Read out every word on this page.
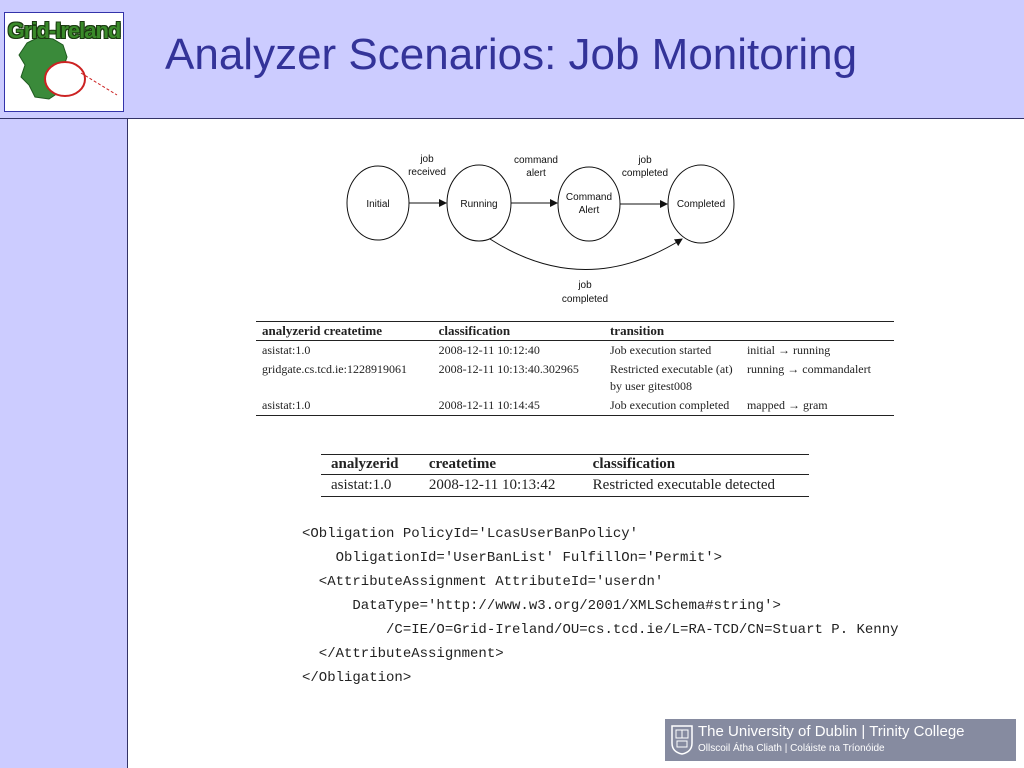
Grid-Ireland Analyzer Scenarios: Job Monitoring
Initial	Running
Command
Alert
Completed
job
received
command
alert
job
completed
job
completed
analyzerid createtime	classification	transition	
asistat:1.0	2008-12-11 10:12:40	Job execution started	initial → running
gridgate.cs.tcd.ie:1228919061	2008-12-11 10:13:40.302965	Restricted executable (at) by user gitest008	running → commandalert
asistat:1.0	2008-12-11 10:14:45	Job execution completed	mapped → gram
analyzerid	createtime	classification
asistat:1.0	2008-12-11 10:13:42	Restricted executable detected
<Obligation PolicyId='LcasUserBanPolicy'
ObligationId='UserBanList' FulfillOn='Permit'>
<AttributeAssignment AttributeId='userdn'
DataType='http://www.w3.org/2001/XMLSchema#string'>
/C=IE/O=Grid-Ireland/OU=cs.tcd.ie/L=RA-TCD/CN=Stuart P. Kenny
</AttributeAssignment>
</Obligation>
The University of Dublin | Trinity College
Ollscoil Átha Cliath | Coláiste na Tríonóide
